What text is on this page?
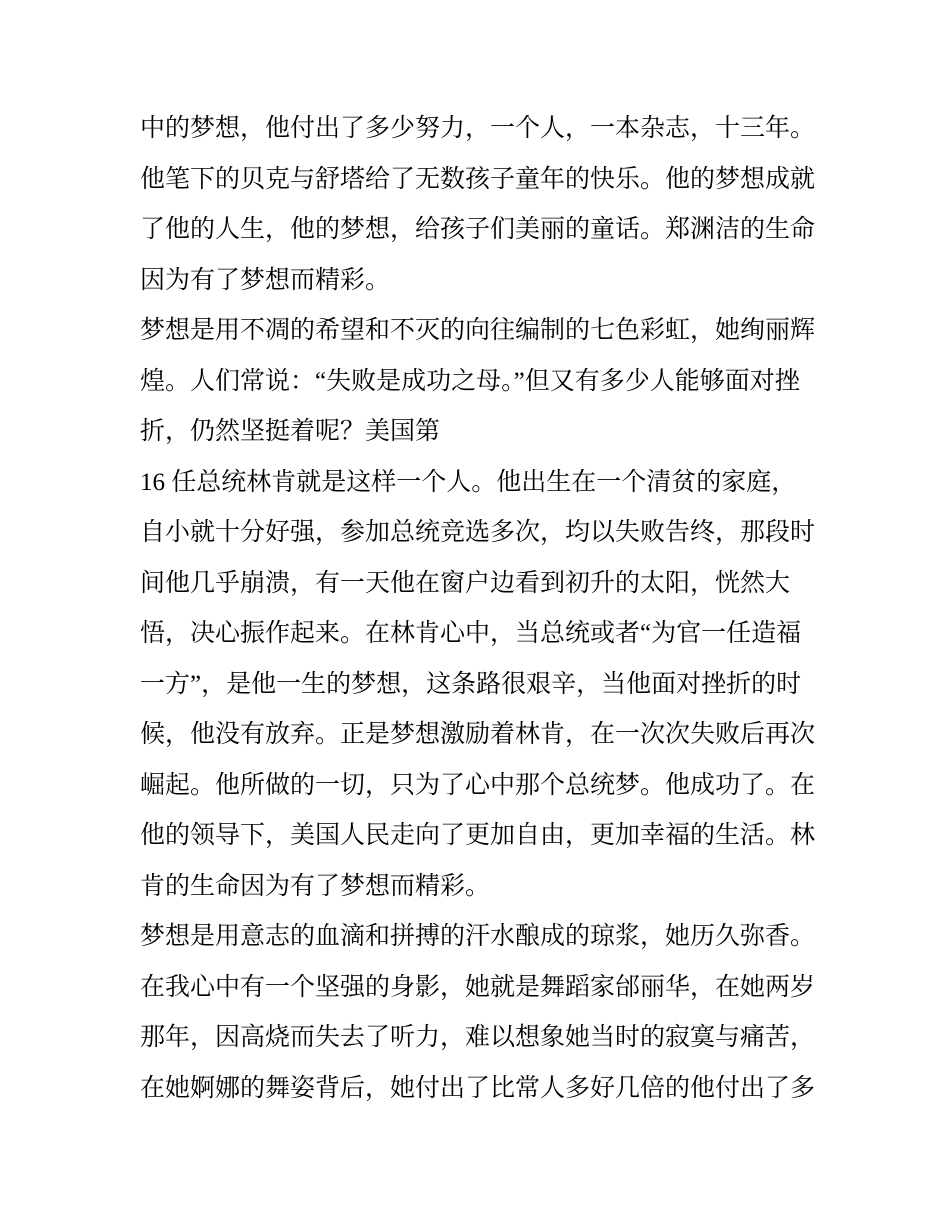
中的梦想，他付出了多少努力，一个人，一本杂志，十三年。
他笔下的贝克与舒塔给了无数孩子童年的快乐。他的梦想成就
了他的人生，他的梦想，给孩子们美丽的童话。郑渊洁的生命
因为有了梦想而精彩。
梦想是用不凋的希望和不灭的向往编制的七色彩虹，她绚丽辉
煌。人们常说：“失败是成功之母。”但又有多少人能够面对挫
折，仍然坚挺着呢？美国第
16 任总统林肯就是这样一个人。他出生在一个清贫的家庭，
自小就十分好强，参加总统竞选多次，均以失败告终，那段时
间他几乎崩溃，有一天他在窗户边看到初升的太阳，恍然大
悟，决心振作起来。在林肯心中，当总统或者“为官一任造福
一方”，是他一生的梦想，这条路很艰辛，当他面对挫折的时
候，他没有放弃。正是梦想激励着林肯，在一次次失败后再次
崛起。他所做的一切，只为了心中那个总统梦。他成功了。在
他的领导下，美国人民走向了更加自由，更加幸福的生活。林
肯的生命因为有了梦想而精彩。
梦想是用意志的血滴和拼搏的汗水酿成的琼浆，她历久弥香。
在我心中有一个坚强的身影，她就是舞蹈家邰丽华，在她两岁
那年，因高烧而失去了听力，难以想象她当时的寂寞与痛苦，
在她婀娜的舞姿背后，她付出了比常人多好几倍的他付出了多
